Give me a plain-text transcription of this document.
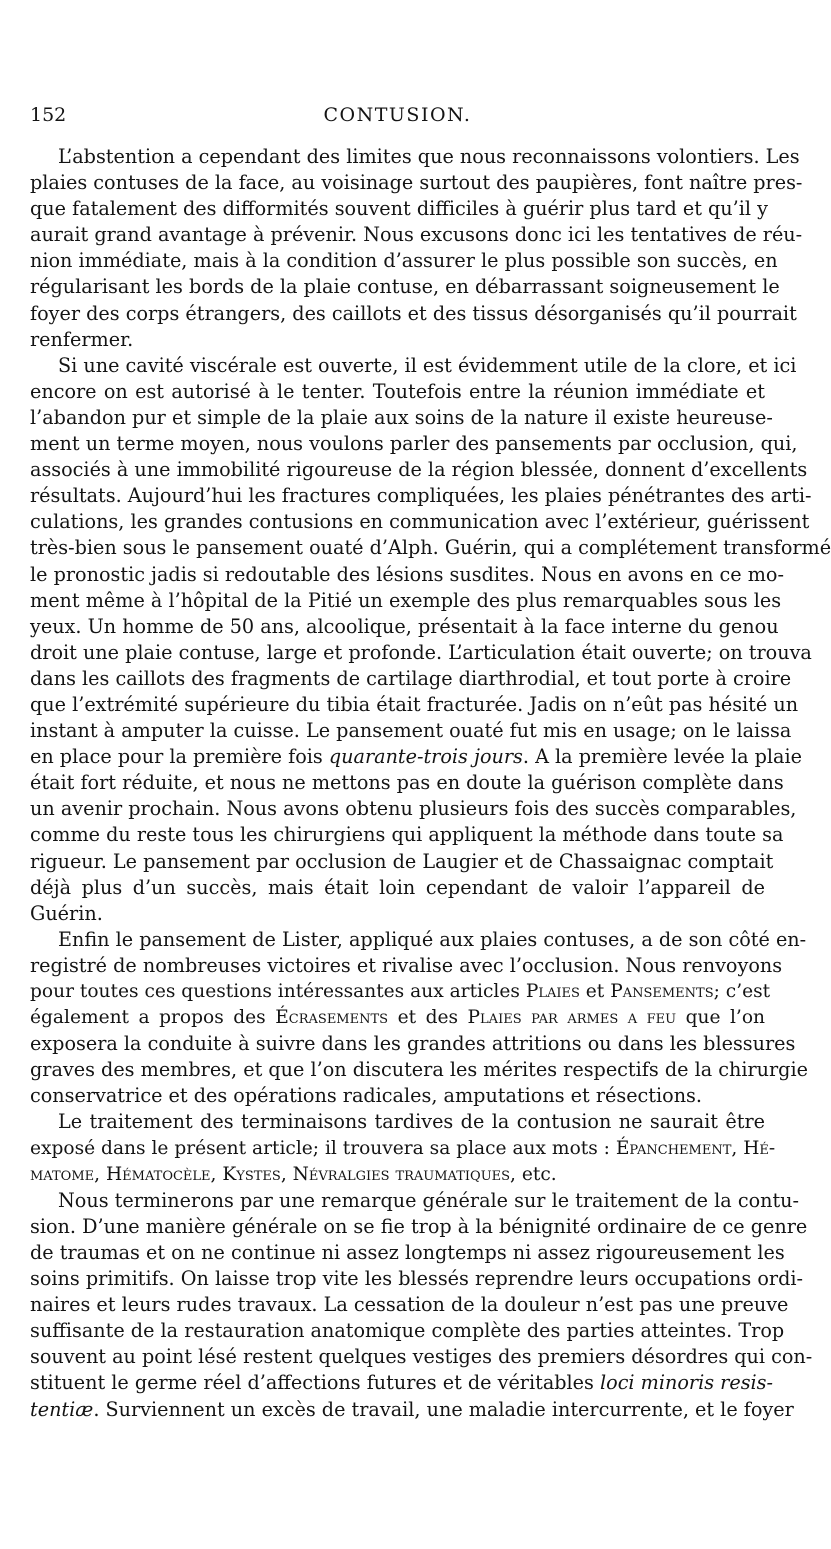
152	CONTUSION.
L’abstention a cependant des limites que nous reconnaissons volontiers. Les
plaies contuses de la face, au voisinage surtout des paupières, font naître pres-
que fatalement des difformités souvent difficiles à guérir plus tard et qu’il y
aurait grand avantage à prévenir. Nous excusons donc ici les tentatives de réu-
nion immédiate, mais à la condition d’assurer le plus possible son succès, en
régularisant les bords de la plaie contuse, en débarrassant soigneusement le
foyer des corps étrangers, des caillots et des tissus désorganisés qu’il pourrait
renfermer.
Si une cavité viscérale est ouverte, il est évidemment utile de la clore, et ici
encore on est autorisé à le tenter. Toutefois entre la réunion immédiate et
l’abandon pur et simple de la plaie aux soins de la nature il existe heureuse-
ment un terme moyen, nous voulons parler des pansements par occlusion, qui,
associés à une immobilité rigoureuse de la région blessée, donnent d’excellents
résultats. Aujourd’hui les fractures compliquées, les plaies pénétrantes des arti-
culations, les grandes contusions en communication avec l’extérieur, guérissent
très-bien sous le pansement ouaté d’Alph. Guérin, qui a complétement transformé
le pronostic jadis si redoutable des lésions susdites. Nous en avons en ce mo-
ment même à l’hôpital de la Pitié un exemple des plus remarquables sous les
yeux. Un homme de 50 ans, alcoolique, présentait à la face interne du genou
droit une plaie contuse, large et profonde. L’articulation était ouverte; on trouva
dans les caillots des fragments de cartilage diarthrodial, et tout porte à croire
que l’extrémité supérieure du tibia était fracturée. Jadis on n’eût pas hésité un
instant à amputer la cuisse. Le pansement ouaté fut mis en usage; on le laissa
en place pour la première fois quarante-trois jours. A la première levée la plaie
était fort réduite, et nous ne mettons pas en doute la guérison complète dans
un avenir prochain. Nous avons obtenu plusieurs fois des succès comparables,
comme du reste tous les chirurgiens qui appliquent la méthode dans toute sa
rigueur. Le pansement par occlusion de Laugier et de Chassaignac comptait
déjà plus d’un succès, mais était loin cependant de valoir l’appareil de
Guérin.
Enfin le pansement de Lister, appliqué aux plaies contuses, a de son côté en-
registré de nombreuses victoires et rivalise avec l’occlusion. Nous renvoyons
pour toutes ces questions intéressantes aux articles Plaies et Pansements; c’est
également a propos des Écrasements et des Plaies par armes a feu que l’on
exposera la conduite à suivre dans les grandes attritions ou dans les blessures
graves des membres, et que l’on discutera les mérites respectifs de la chirurgie
conservatrice et des opérations radicales, amputations et résections.
Le traitement des terminaisons tardives de la contusion ne saurait être
exposé dans le présent article; il trouvera sa place aux mots : Épanchement, Hé-
matome, Hématocèle, Kystes, Névralgies traumatiques, etc.
Nous terminerons par une remarque générale sur le traitement de la contu-
sion. D’une manière générale on se fie trop à la bénignité ordinaire de ce genre
de traumas et on ne continue ni assez longtemps ni assez rigoureusement les
soins primitifs. On laisse trop vite les blessés reprendre leurs occupations ordi-
naires et leurs rudes travaux. La cessation de la douleur n’est pas une preuve
suffisante de la restauration anatomique complète des parties atteintes. Trop
souvent au point lésé restent quelques vestiges des premiers désordres qui con-
stituent le germe réel d’affections futures et de véritables loci minoris resis-
tentiæ. Surviennent un excès de travail, une maladie intercurrente, et le foyer
